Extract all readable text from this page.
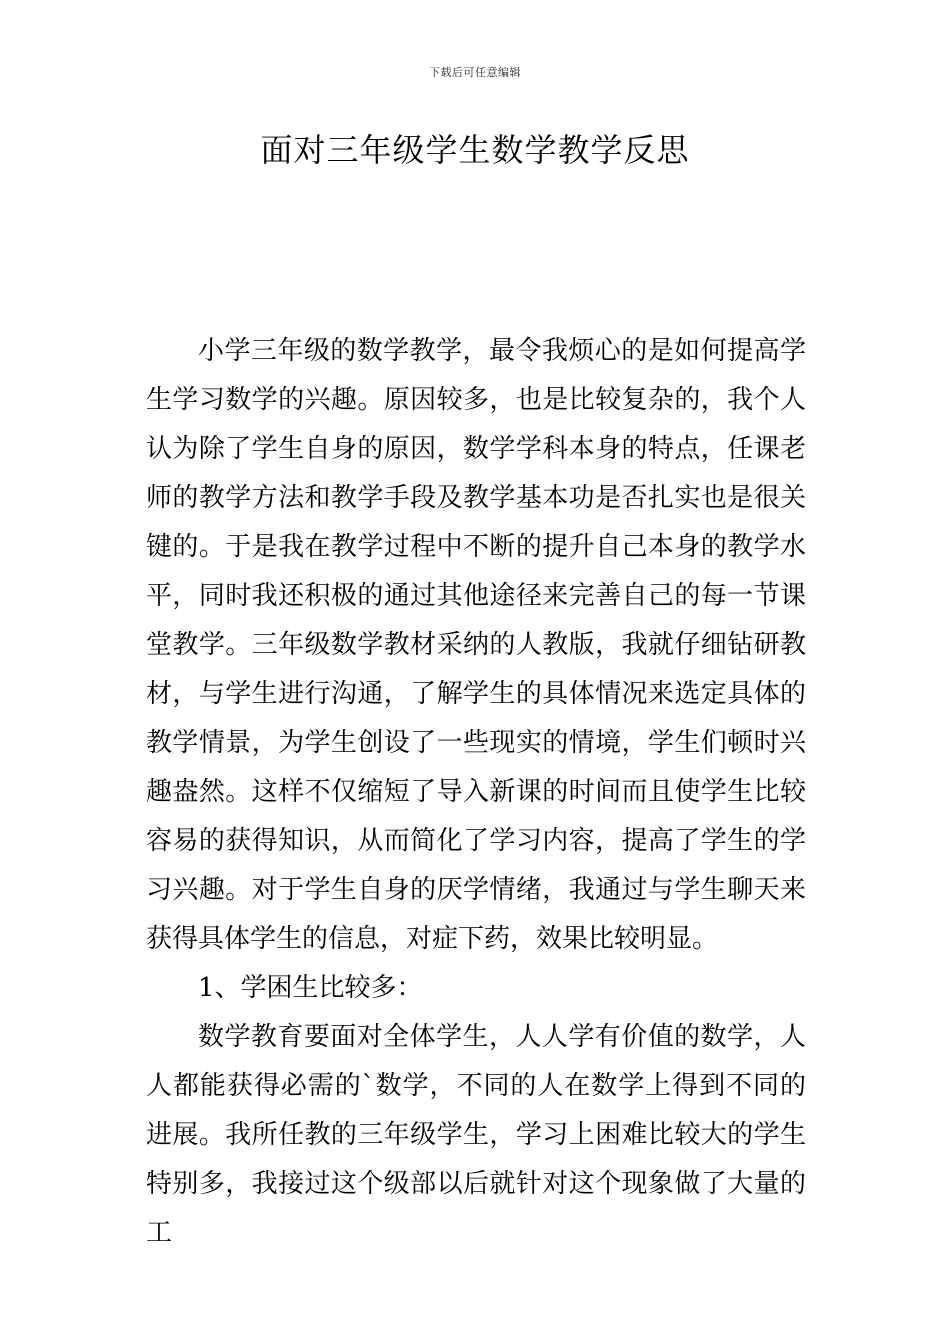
下载后可任意编辑
面对三年级学生数学教学反思

小学三年级的数学教学，最令我烦心的是如何提高学生学习数学的兴趣。原因较多，也是比较复杂的，我个人认为除了学生自身的原因，数学学科本身的特点，任课老师的教学方法和教学手段及教学基本功是否扎实也是很关键的。于是我在教学过程中不断的提升自己本身的教学水平，同时我还积极的通过其他途径来完善自己的每一节课堂教学。三年级数学教材采纳的人教版，我就仔细钻研教材，与学生进行沟通，了解学生的具体情况来选定具体的教学情景，为学生创设了一些现实的情境，学生们顿时兴趣盎然。这样不仅缩短了导入新课的时间而且使学生比较容易的获得知识，从而简化了学习内容，提高了学生的学习兴趣。对于学生自身的厌学情绪，我通过与学生聊天来获得具体学生的信息，对症下药，效果比较明显。

1、学困生比较多：

数学教育要面对全体学生，人人学有价值的数学，人人都能获得必需的`数学，不同的人在数学上得到不同的进展。我所任教的三年级学生，学习上困难比较大的学生特别多，我接过这个级部以后就针对这个现象做了大量的工
